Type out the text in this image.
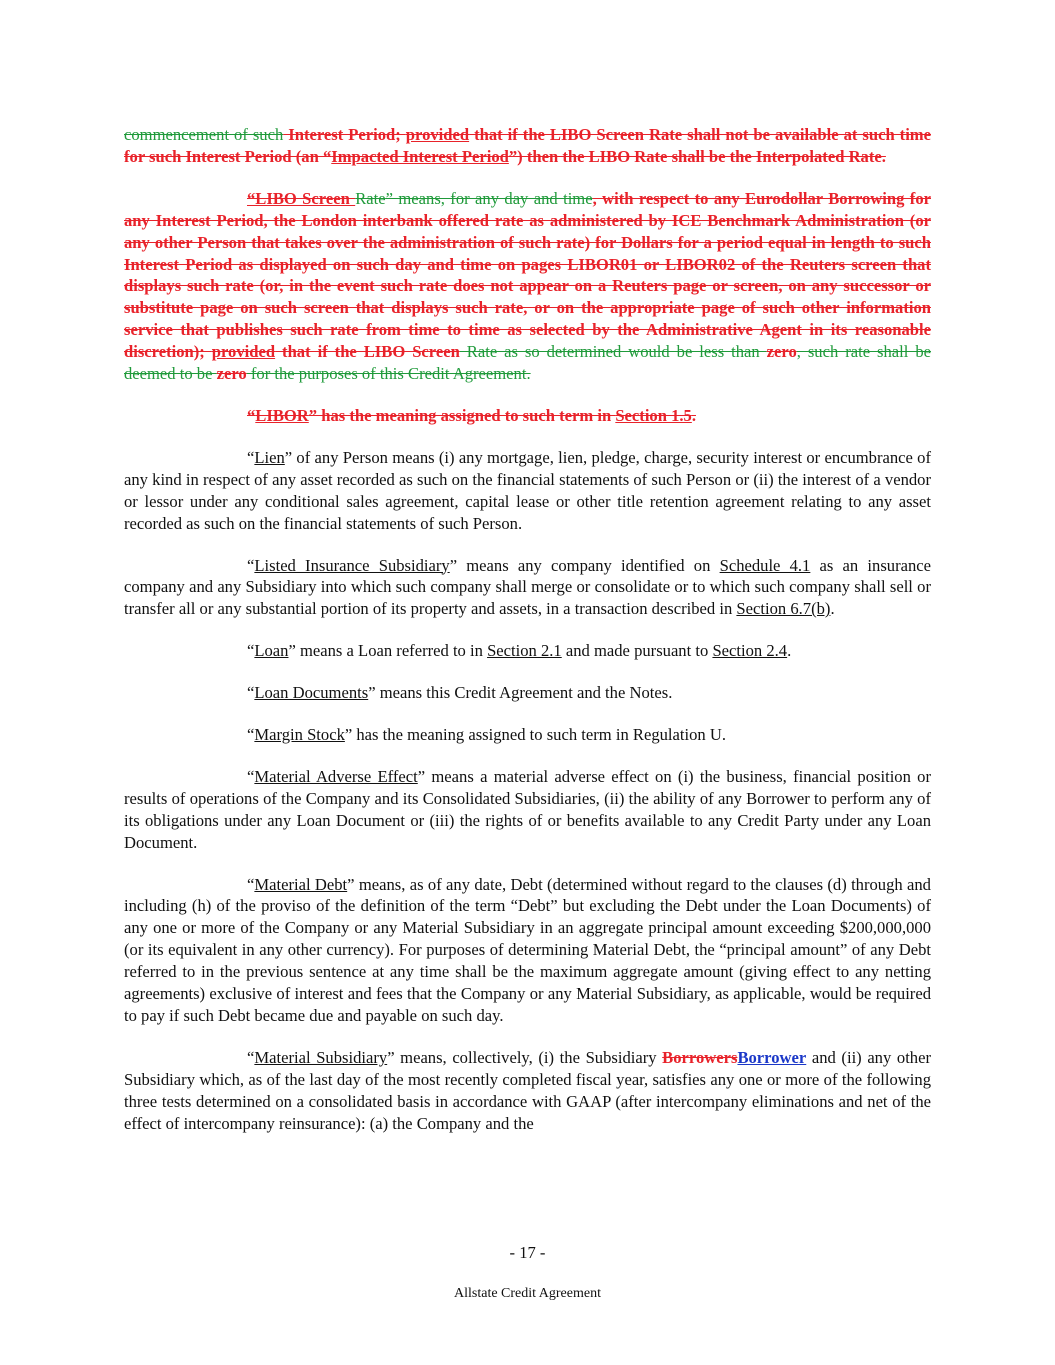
commencement of such Interest Period; provided that if the LIBO Screen Rate shall not be available at such time for such Interest Period (an “Impacted Interest Period”) then the LIBO Rate shall be the Interpolated Rate.

“LIBO Screen Rate” means, for any day and time, with respect to any Eurodollar Borrowing for any Interest Period, the London interbank offered rate as administered by ICE Benchmark Administration (or any other Person that takes over the administration of such rate) for Dollars for a period equal in length to such Interest Period as displayed on such day and time on pages LIBOR01 or LIBOR02 of the Reuters screen that displays such rate (or, in the event such rate does not appear on a Reuters page or screen, on any successor or substitute page on such screen that displays such rate, or on the appropriate page of such other information service that publishes such rate from time to time as selected by the Administrative Agent in its reasonable discretion); provided that if the LIBO Screen Rate as so determined would be less than zero, such rate shall be deemed to be zero for the purposes of this Credit Agreement.

“LIBOR” has the meaning assigned to such term in Section 1.5.

“Lien” of any Person means (i) any mortgage, lien, pledge, charge, security interest or encumbrance of any kind in respect of any asset recorded as such on the financial statements of such Person or (ii) the interest of a vendor or lessor under any conditional sales agreement, capital lease or other title retention agreement relating to any asset recorded as such on the financial statements of such Person.

“Listed Insurance Subsidiary” means any company identified on Schedule 4.1 as an insurance company and any Subsidiary into which such company shall merge or consolidate or to which such company shall sell or transfer all or any substantial portion of its property and assets, in a transaction described in Section 6.7(b).

“Loan” means a Loan referred to in Section 2.1 and made pursuant to Section 2.4.

“Loan Documents” means this Credit Agreement and the Notes.

“Margin Stock” has the meaning assigned to such term in Regulation U.

“Material Adverse Effect” means a material adverse effect on (i) the business, financial position or results of operations of the Company and its Consolidated Subsidiaries, (ii) the ability of any Borrower to perform any of its obligations under any Loan Document or (iii) the rights of or benefits available to any Credit Party under any Loan Document.

“Material Debt” means, as of any date, Debt (determined without regard to the clauses (d) through and including (h) of the proviso of the definition of the term “Debt” but excluding the Debt under the Loan Documents) of any one or more of the Company or any Material Subsidiary in an aggregate principal amount exceeding $200,000,000 (or its equivalent in any other currency). For purposes of determining Material Debt, the “principal amount” of any Debt referred to in the previous sentence at any time shall be the maximum aggregate amount (giving effect to any netting agreements) exclusive of interest and fees that the Company or any Material Subsidiary, as applicable, would be required to pay if such Debt became due and payable on such day.

“Material Subsidiary” means, collectively, (i) the Subsidiary BorrowersBorrower and (ii) any other Subsidiary which, as of the last day of the most recently completed fiscal year, satisfies any one or more of the following three tests determined on a consolidated basis in accordance with GAAP (after intercompany eliminations and net of the effect of intercompany reinsurance): (a) the Company and the

- 17 -
Allstate Credit Agreement
